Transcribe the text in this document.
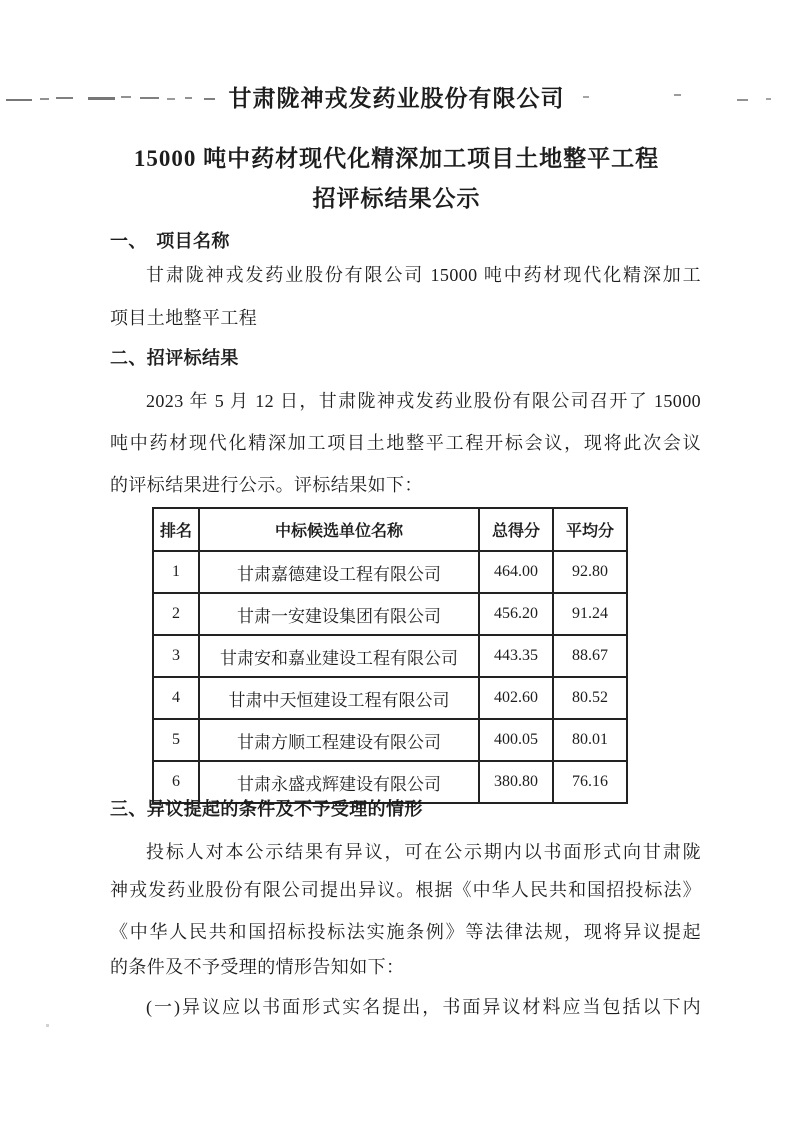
甘肃陇神戎发药业股份有限公司
15000 吨中药材现代化精深加工项目土地整平工程
招评标结果公示
一、　项目名称
甘肃陇神戎发药业股份有限公司 15000 吨中药材现代化精深加工
项目土地整平工程
二、招评标结果
2023 年 5 月 12 日，甘肃陇神戎发药业股份有限公司召开了 15000
吨中药材现代化精深加工项目土地整平工程开标会议，现将此次会议
的评标结果进行公示。评标结果如下：
排名	中标候选单位名称	总得分	平均分
1	甘肃嘉德建设工程有限公司	464.00	92.80
2	甘肃一安建设集团有限公司	456.20	91.24
3	甘肃安和嘉业建设工程有限公司	443.35	88.67
4	甘肃中天恒建设工程有限公司	402.60	80.52
5	甘肃方顺工程建设有限公司	400.05	80.01
6	甘肃永盛戎辉建设有限公司	380.80	76.16
三、异议提起的条件及不予受理的情形
投标人对本公示结果有异议，可在公示期内以书面形式向甘肃陇
神戎发药业股份有限公司提出异议。根据《中华人民共和国招投标法》
《中华人民共和国招标投标法实施条例》等法律法规，现将异议提起
的条件及不予受理的情形告知如下：
(一)异议应以书面形式实名提出，书面异议材料应当包括以下内
